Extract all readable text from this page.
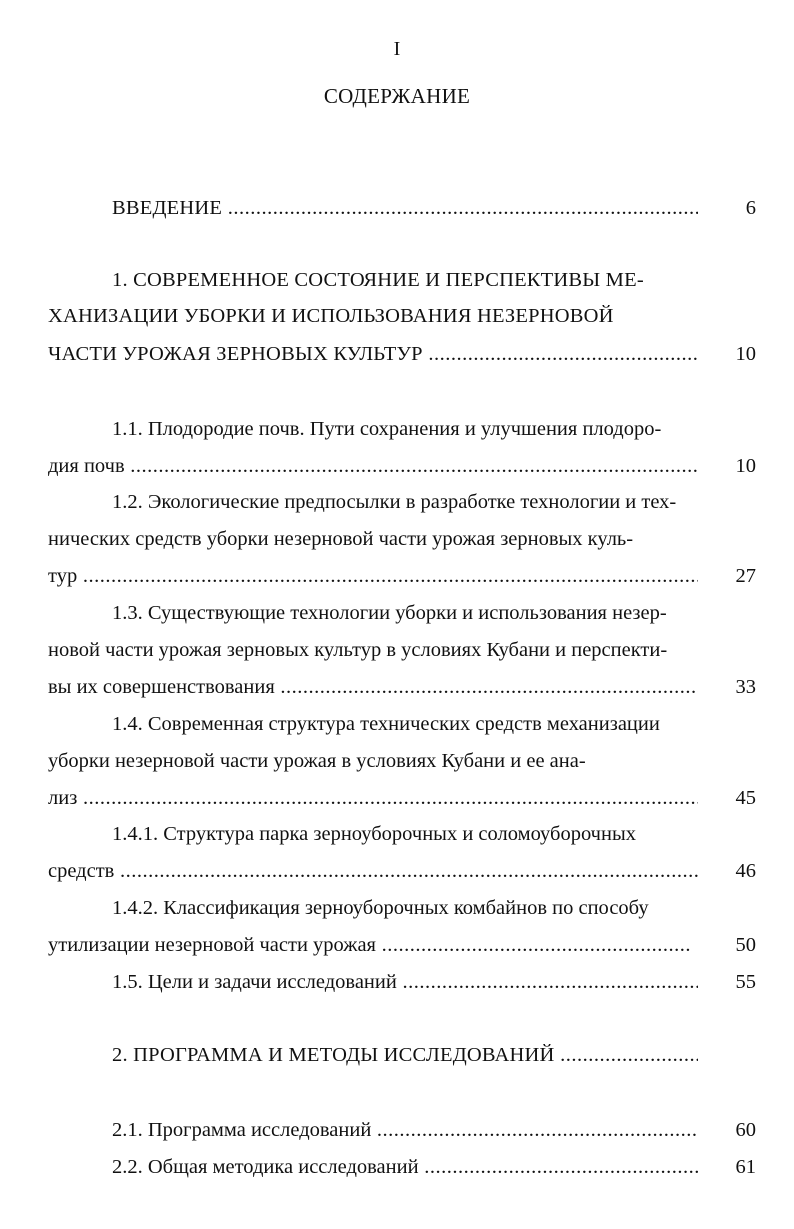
I
СОДЕРЖАНИЕ
ВВЕДЕНИЕ .....	6
1. СОВРЕМЕННОЕ СОСТОЯНИЕ И ПЕРСПЕКТИВЫ МЕ-
ХАНИЗАЦИИ УБОРКИ И ИСПОЛЬЗОВАНИЯ НЕЗЕРНОВОЙ
ЧАСТИ УРОЖАЯ ЗЕРНОВЫХ КУЛЬТУР .....	10
1.1. Плодородие почв. Пути сохранения и улучшения плодоро-
дия почв .....	10
1.2. Экологические предпосылки в разработке технологии и тех-
нических средств уборки незерновой части урожая зерновых куль-
тур .....	27
1.3. Существующие технологии уборки и использования незер-
новой части урожая зерновых культур в условиях Кубани и перспекти-
вы их совершенствования .....	33
1.4. Современная структура технических средств механизации
уборки незерновой части урожая в условиях Кубани и ее ана-
лиз .....	45
1.4.1. Структура парка зерноуборочных и соломоуборочных
средств .....	46
1.4.2. Классификация зерноуборочных комбайнов по способу
утилизации незерновой части урожая .....	50
1.5. Цели и задачи исследований .....	55
2. ПРОГРАММА И МЕТОДЫ ИССЛЕДОВАНИЙ .....
2.1. Программа исследований .....	60
2.2. Общая методика исследований .....	61
